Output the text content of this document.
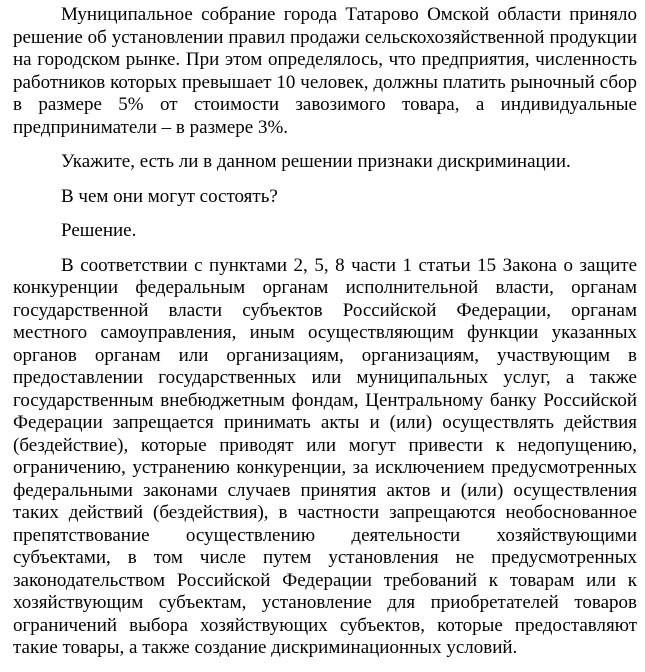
Муниципальное собрание города Татарово Омской области приняло решение об установлении правил продажи сельскохозяйственной продукции на городском рынке. При этом определялось, что предприятия, численность работников которых превышает 10 человек, должны платить рыночный сбор в размере 5% от стоимости завозимого товара, а индивидуальные предприниматели – в размере 3%.

Укажите, есть ли в данном решении признаки дискриминации.

В чем они могут состоять?

Решение.

В соответствии с пунктами 2, 5, 8 части 1 статьи 15 Закона о защите конкуренции федеральным органам исполнительной власти, органам государственной власти субъектов Российской Федерации, органам местного самоуправления, иным осуществляющим функции указанных органов органам или организациям, организациям, участвующим в предоставлении государственных или муниципальных услуг, а также государственным внебюджетным фондам, Центральному банку Российской Федерации запрещается принимать акты и (или) осуществлять действия (бездействие), которые приводят или могут привести к недопущению, ограничению, устранению конкуренции, за исключением предусмотренных федеральными законами случаев принятия актов и (или) осуществления таких действий (бездействия), в частности запрещаются необоснованное препятствование осуществлению деятельности хозяйствующими субъектами, в том числе путем установления не предусмотренных законодательством Российской Федерации требований к товарам или к хозяйствующим субъектам, установление для приобретателей товаров ограничений выбора хозяйствующих субъектов, которые предоставляют такие товары, а также создание дискриминационных условий.
